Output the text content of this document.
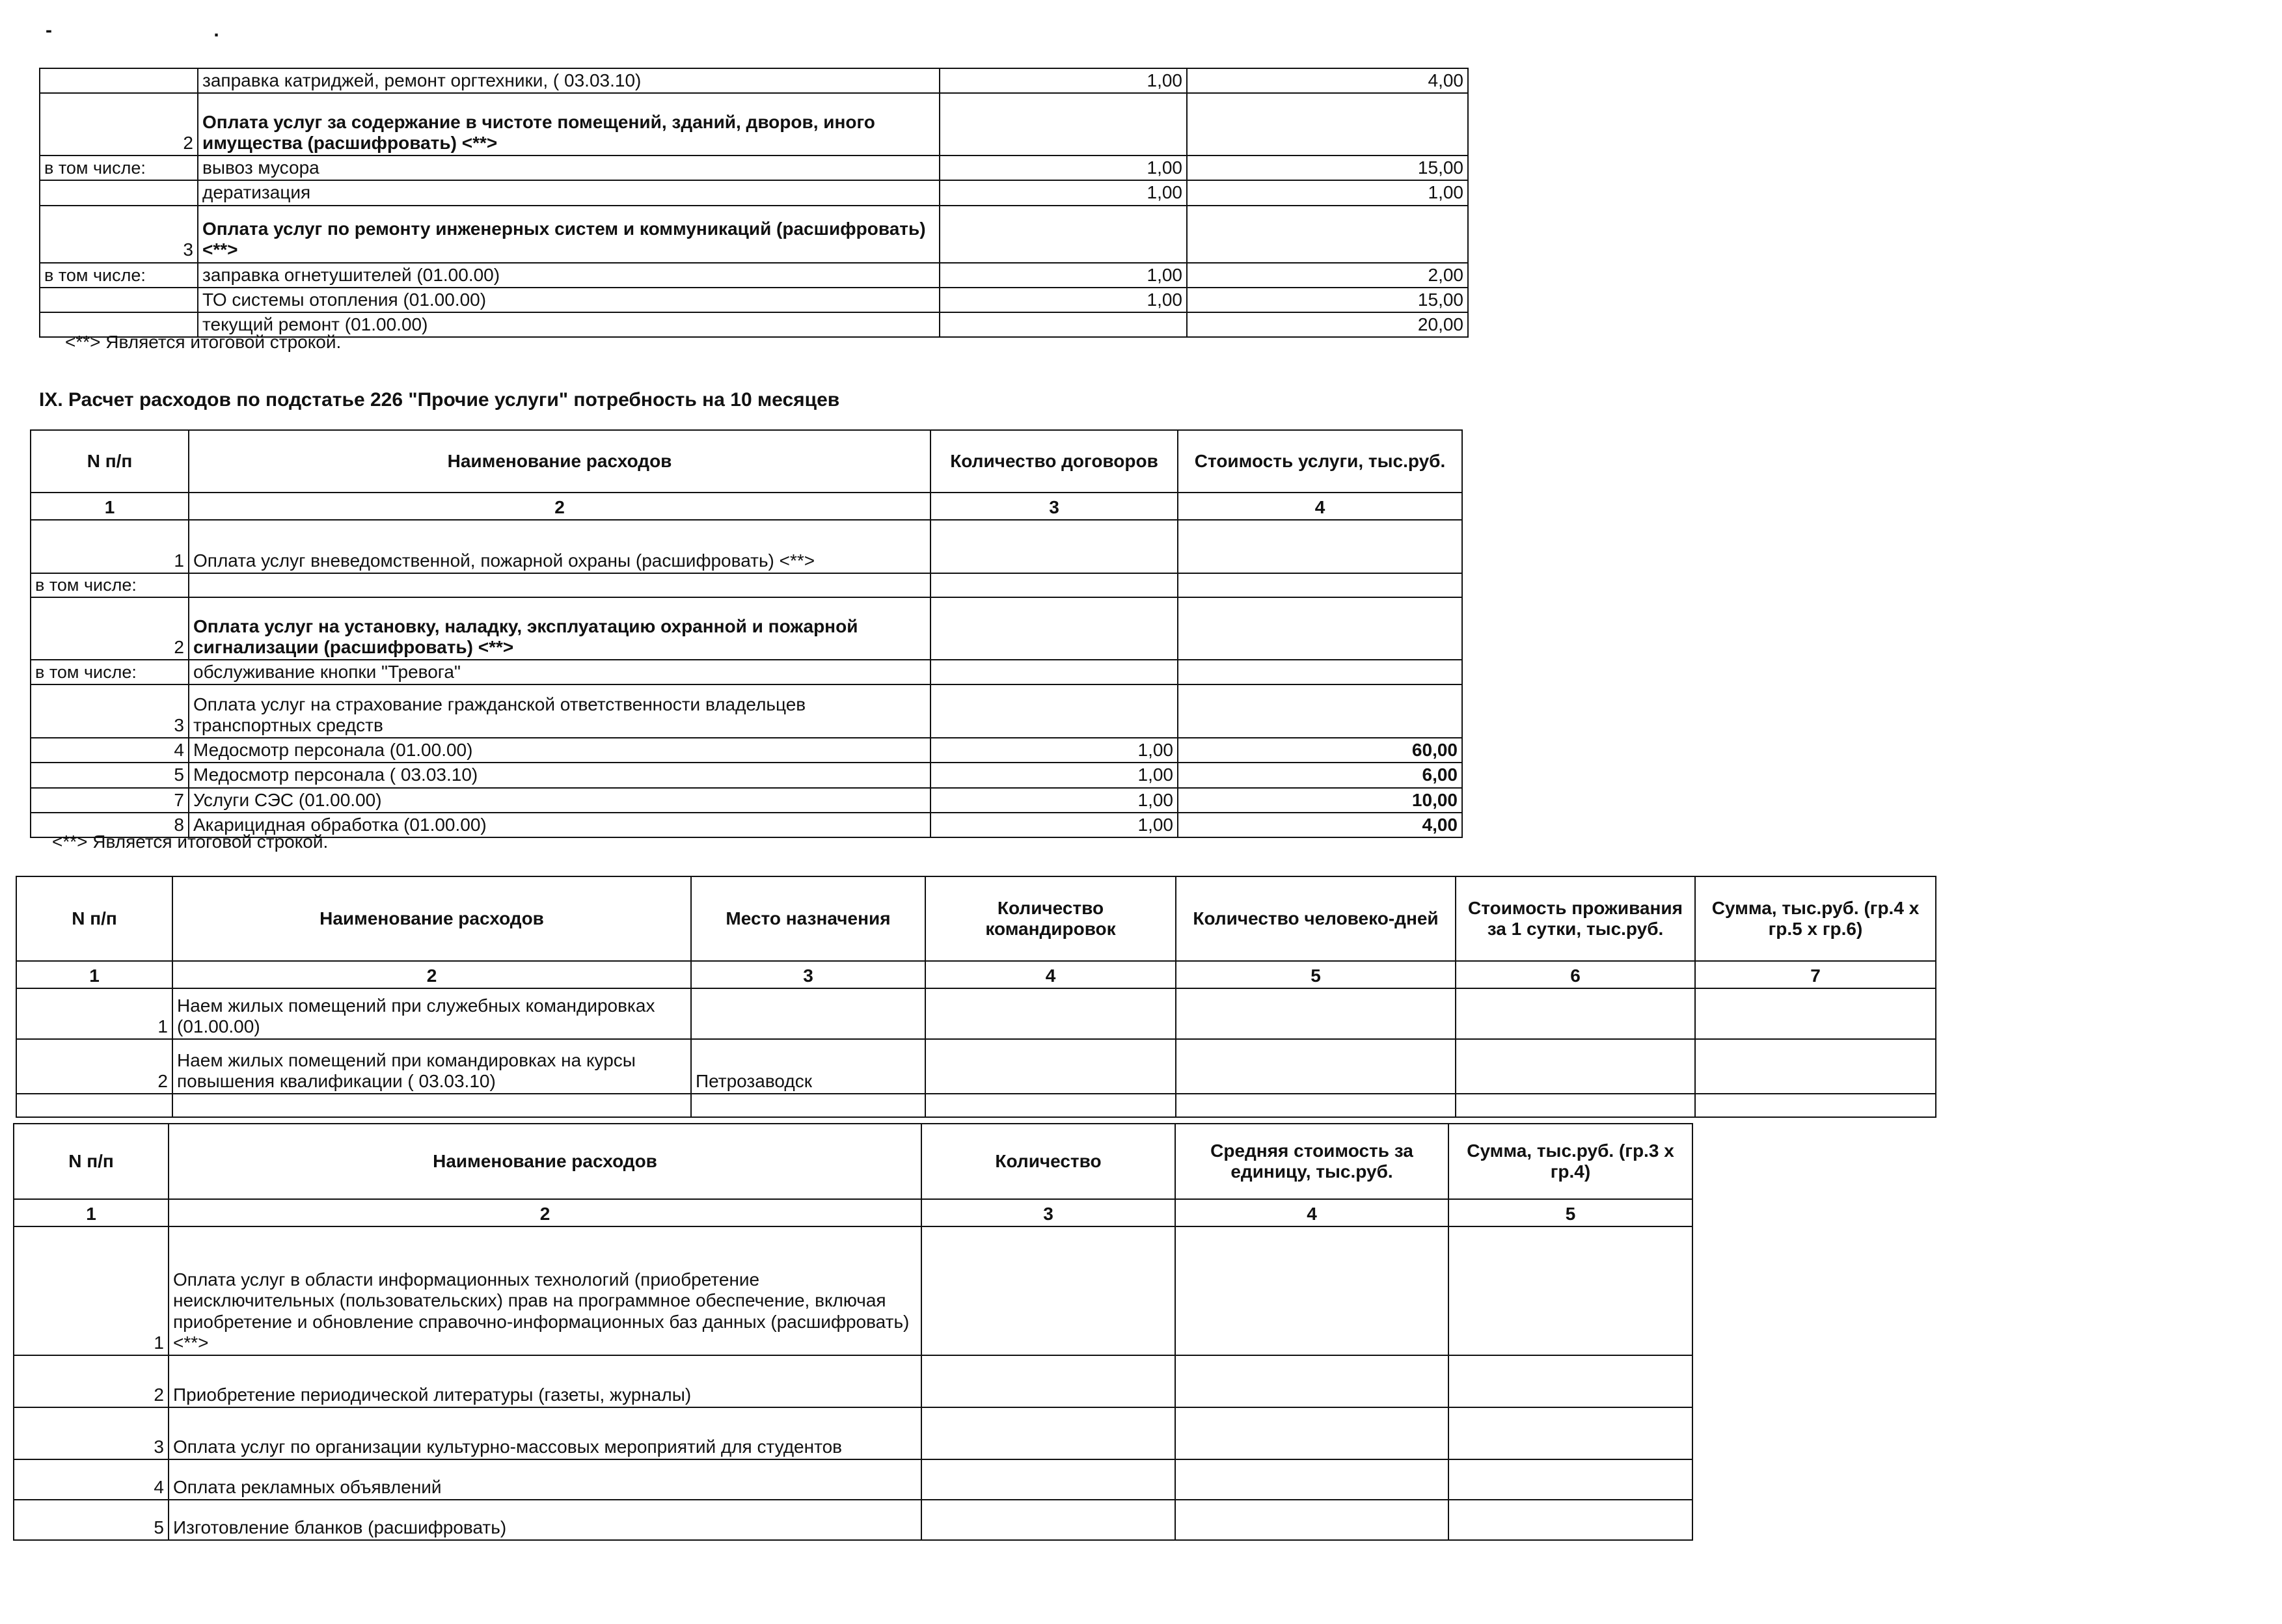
- .
	заправка катриджей, ремонт оргтехники, ( 03.03.10)	1,00	4,00
2	Оплата услуг за содержание в чистоте помещений, зданий, дворов, иного имущества (расшифровать) <**>		
в том числе:	вывоз мусора	1,00	15,00
	дератизация	1,00	1,00
3	Оплата услуг по ремонту инженерных систем и коммуникаций (расшифровать) <**>		
в том числе:	заправка огнетушителей (01.00.00)	1,00	2,00
	ТО системы отопления (01.00.00)	1,00	15,00
	текущий ремонт (01.00.00)		20,00
<**> Является итоговой строкой.
IX. Расчет расходов по подстатье 226 "Прочие услуги" потребность на 10 месяцев
N п/п	Наименование расходов	Количество договоров	Стоимость услуги, тыс.руб.
1	2	3	4
1	Оплата услуг вневедомственной, пожарной охраны (расшифровать) <**>		
в том числе:			
2	Оплата услуг на установку, наладку, эксплуатацию охранной и пожарной сигнализации (расшифровать) <**>		
в том числе:	обслуживание кнопки "Тревога"		
3	Оплата услуг на страхование гражданской ответственности владельцев транспортных средств		
4	Медосмотр персонала (01.00.00)	1,00	60,00
5	Медосмотр персонала ( 03.03.10)	1,00	6,00
7	Услуги СЭС (01.00.00)	1,00	10,00
8	Акарицидная обработка (01.00.00)	1,00	4,00
<**> Является итоговой строкой.
N п/п	Наименование расходов	Место назначения	Количество командировок	Количество человеко-дней	Стоимость проживания за 1 сутки, тыс.руб.	Сумма, тыс.руб. (гр.4 х гр.5 х гр.6)
1	2	3	4	5	6	7
1	Наем жилых помещений при служебных командировках (01.00.00)					
2	Наем жилых помещений при командировках на курсы повышения квалификации ( 03.03.10)	Петрозаводск				

N п/п	Наименование расходов	Количество	Средняя стоимость за единицу, тыс.руб.	Сумма, тыс.руб. (гр.3 х гр.4)
1	2	3	4	5
1	Оплата услуг в области информационных технологий (приобретение неисключительных (пользовательских) прав на программное обеспечение, включая приобретение и обновление справочно-информационных баз данных (расшифровать) <**>			
2	Приобретение периодической литературы (газеты, журналы)			
3	Оплата услуг по организации культурно-массовых мероприятий для студентов			
4	Оплата рекламных объявлений			
5	Изготовление бланков (расшифровать)			
